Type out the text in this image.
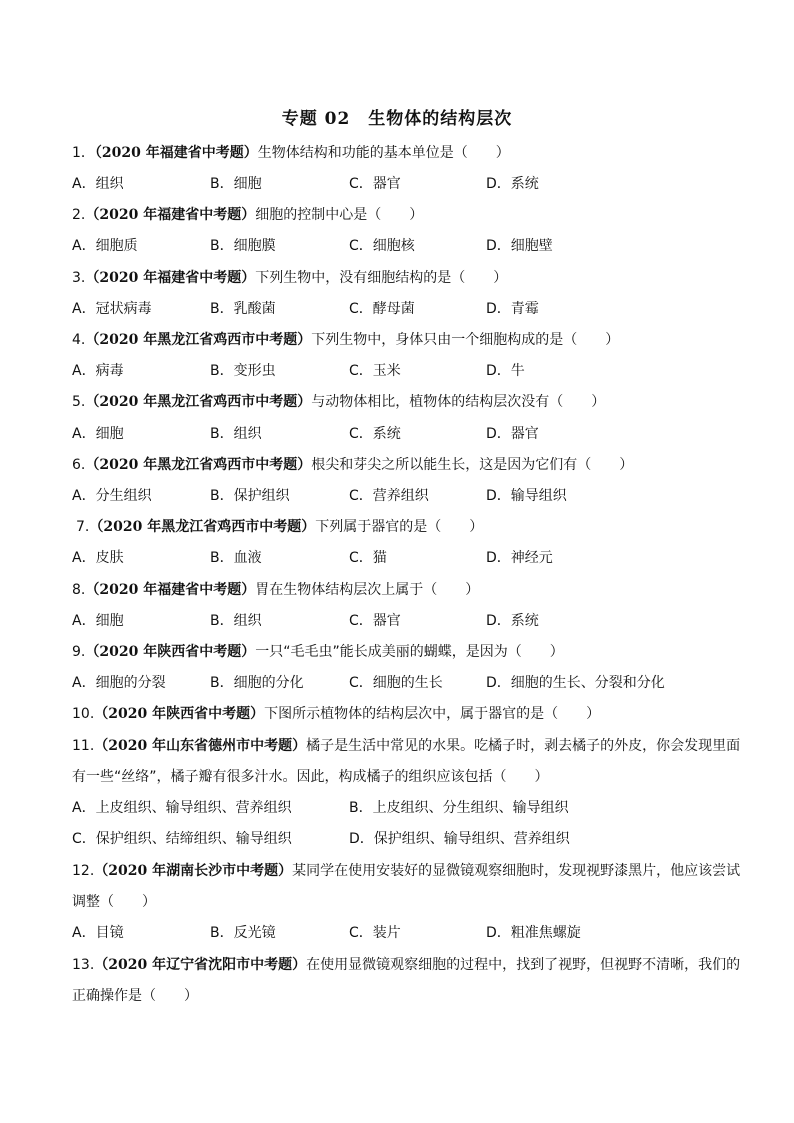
专题 02　生物体的结构层次
1．（2020 年福建省中考题）生物体结构和功能的基本单位是（　　）
A．组织	B．细胞	C．器官	D．系统
2.（2020 年福建省中考题）细胞的控制中心是（　　）
A．细胞质	B．细胞膜	C．细胞核	D．细胞壁
3.（2020 年福建省中考题）下列生物中，没有细胞结构的是（　　）
A．冠状病毒	B．乳酸菌	C．酵母菌	D．青霉
4.（2020 年黑龙江省鸡西市中考题）下列生物中，身体只由一个细胞构成的是（　　）
A．病毒	B．变形虫	C．玉米	D．牛
5.（2020 年黑龙江省鸡西市中考题）与动物体相比，植物体的结构层次没有（　　）
A．细胞	B．组织	C．系统	D．器官
6.（2020 年黑龙江省鸡西市中考题）根尖和芽尖之所以能生长，这是因为它们有（　　）
A．分生组织	B．保护组织	C．营养组织	D．输导组织
7.（2020 年黑龙江省鸡西市中考题）下列属于器官的是（　　）
A．皮肤	B．血液	C．猫	D．神经元
8.（2020 年福建省中考题）胃在生物体结构层次上属于（　　）
A．细胞	B．组织	C．器官	D．系统
9.（2020 年陕西省中考题）一只“毛毛虫”能长成美丽的蝴蝶，是因为（　　）
A．细胞的分裂	B．细胞的分化	C．细胞的生长	D．细胞的生长、分裂和分化
10.（2020 年陕西省中考题）下图所示植物体的结构层次中，属于器官的是（　　）
11.（2020 年山东省德州市中考题）橘子是生活中常见的水果。吃橘子时，剥去橘子的外皮，你会发现里面
有一些“丝络”，橘子瓣有很多汁水。因此，构成橘子的组织应该包括（　　）
A．上皮组织、输导组织、营养组织	B．上皮组织、分生组织、输导组织
C．保护组织、结缔组织、输导组织	D．保护组织、输导组织、营养组织
12.（2020 年湖南长沙市中考题）某同学在使用安装好的显微镜观察细胞时，发现视野漆黑片，他应该尝试
调整（　　）
A．目镜	B．反光镜	C．装片	D．粗准焦螺旋
13.（2020 年辽宁省沈阳市中考题）在使用显微镜观察细胞的过程中，找到了视野，但视野不清晰，我们的
正确操作是（　　）
